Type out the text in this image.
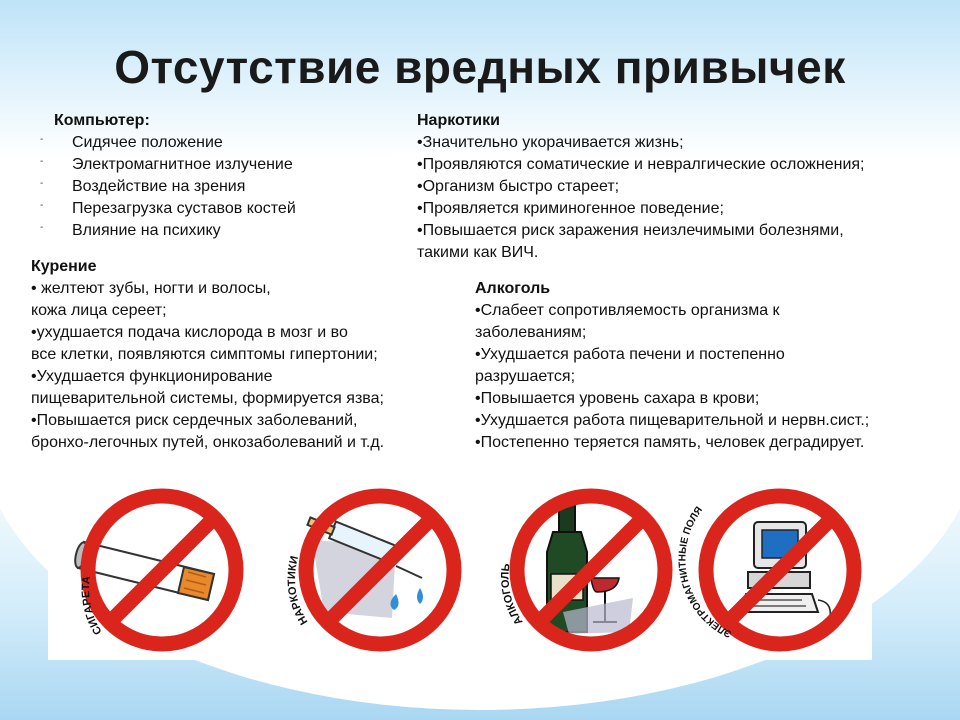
Отсутствие вредных привычек
Компьютер:
- Сидячее положение
- Электромагнитное излучение
- Воздействие на зрения
- Перезагрузка суставов костей
- Влияние на психику
Наркотики
•Значительно укорачивается жизнь;
•Проявляются соматические и невралгические осложнения;
•Организм быстро стареет;
•Проявляется криминогенное поведение;
•Повышается риск заражения неизлечимыми болезнями,
такими как ВИЧ.
Курение
• желтеют зубы, ногти и волосы,
кожа лица сереет;
•ухудшается подача кислорода в мозг и во
все клетки, появляются симптомы гипертонии;
•Ухудшается функционирование
пищеварительной системы, формируется язва;
•Повышается риск сердечных заболеваний,
бронхо-легочных путей, онкозаболеваний и т.д.
Алкоголь
•Слабеет сопротивляемость организма к
заболеваниям;
•Ухудшается работа печени и постепенно
разрушается;
•Повышается уровень сахара в крови;
•Ухудшается работа пищеварительной и нервн.сист.;
•Постепенно теряется память, человек деградирует.
СИГАРЕТА
НАРКОТИКИ
АЛКОГОЛЬ
ЭЛЕКТРОМАГНИТНЫЕ ПОЛЯ
